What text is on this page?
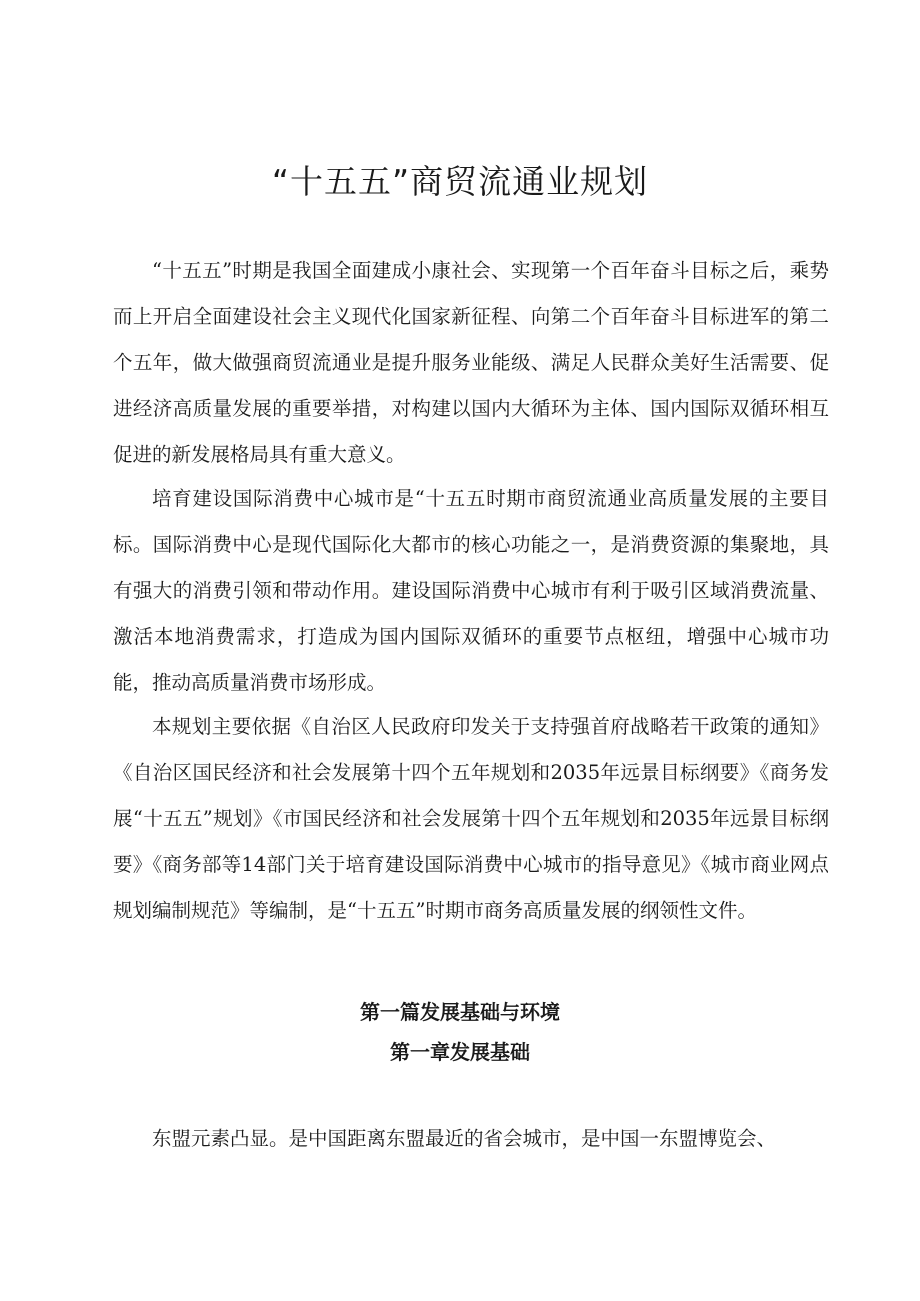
“十五五”商贸流通业规划

“十五五”时期是我国全面建成小康社会、实现第一个百年奋斗目标之后，乘势而上开启全面建设社会主义现代化国家新征程、向第二个百年奋斗目标进军的第二个五年，做大做强商贸流通业是提升服务业能级、满足人民群众美好生活需要、促进经济高质量发展的重要举措，对构建以国内大循环为主体、国内国际双循环相互促进的新发展格局具有重大意义。

培育建设国际消费中心城市是“十五五时期市商贸流通业高质量发展的主要目标。国际消费中心是现代国际化大都市的核心功能之一，是消费资源的集聚地，具有强大的消费引领和带动作用。建设国际消费中心城市有利于吸引区域消费流量、激活本地消费需求，打造成为国内国际双循环的重要节点枢纽，增强中心城市功能，推动高质量消费市场形成。

本规划主要依据《自治区人民政府印发关于支持强首府战略若干政策的通知》《自治区国民经济和社会发展第十四个五年规划和2035年远景目标纲要》《商务发展“十五五”规划》《市国民经济和社会发展第十四个五年规划和2035年远景目标纲要》《商务部等14部门关于培育建设国际消费中心城市的指导意见》《城市商业网点规划编制规范》等编制，是“十五五”时期市商务高质量发展的纲领性文件。

第一篇发展基础与环境
第一章发展基础

东盟元素凸显。是中国距离东盟最近的省会城市，是中国一东盟博览会、
